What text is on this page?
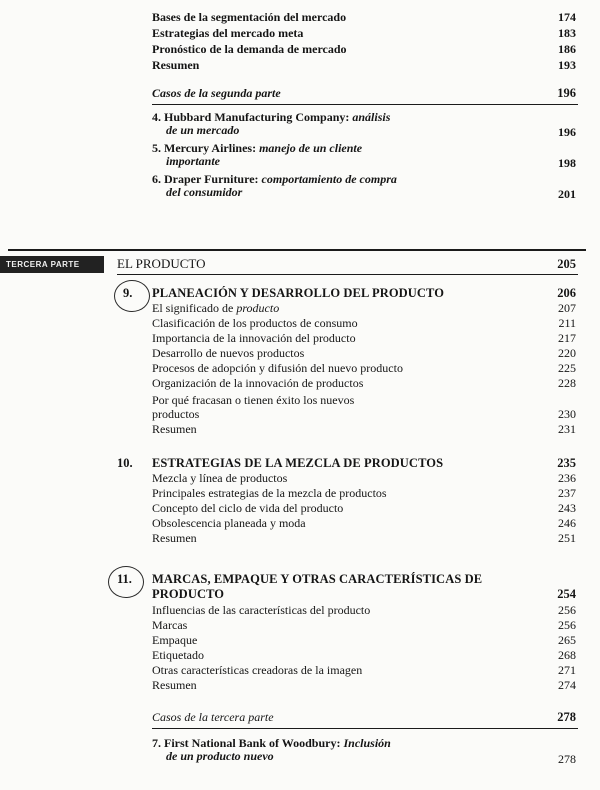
Bases de la segmentación del mercado	174
Estrategias del mercado meta	183
Pronóstico de la demanda de mercado	186
Resumen	193
Casos de la segunda parte	196
4. Hubbard Manufacturing Company: análisis
de un mercado	196
5. Mercury Airlines: manejo de un cliente
importante	198
6. Draper Furniture: comportamiento de compra
del consumidor	201
TERCERA PARTE	EL PRODUCTO	205
9. PLANEACIÓN Y DESARROLLO DEL PRODUCTO	206
El significado de producto	207
Clasificación de los productos de consumo	211
Importancia de la innovación del producto	217
Desarrollo de nuevos productos	220
Procesos de adopción y difusión del nuevo producto	225
Organización de la innovación de productos	228
Por qué fracasan o tienen éxito los nuevos
productos	230
Resumen	231
10. ESTRATEGIAS DE LA MEZCLA DE PRODUCTOS	235
Mezcla y línea de productos	236
Principales estrategias de la mezcla de productos	237
Concepto del ciclo de vida del producto	243
Obsolescencia planeada y moda	246
Resumen	251
11. MARCAS, EMPAQUE Y OTRAS CARACTERÍSTICAS DE
PRODUCTO	254
Influencias de las características del producto	256
Marcas	256
Empaque	265
Etiquetado	268
Otras características creadoras de la imagen	271
Resumen	274
Casos de la tercera parte	278
7. First National Bank of Woodbury: Inclusión
de un producto nuevo	278
